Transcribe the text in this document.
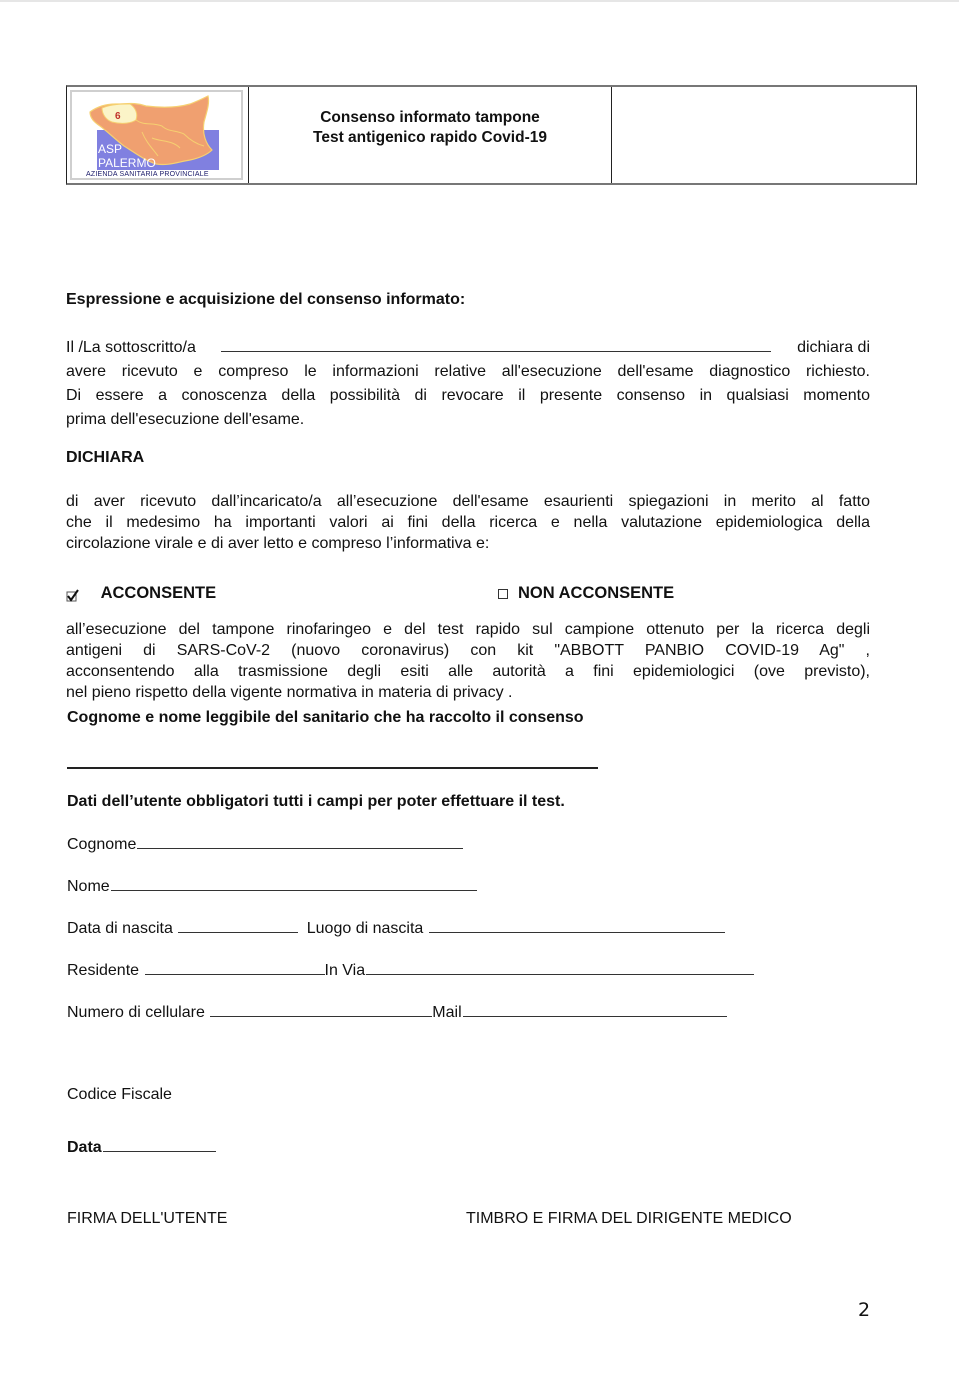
6
ASP
PALERMO
AZIENDA SANITARIA PROVINCIALE
Consenso informato tampone
Test antigenico rapido Covid-19
Espressione e acquisizione del consenso informato:
Il /La sottoscritto/a	dichiara di
avere ricevuto e compreso le informazioni relative all'esecuzione dell'esame diagnostico richiesto.
Di essere a conoscenza della possibilità di revocare il presente consenso in qualsiasi momento
prima dell'esecuzione dell'esame.
DICHIARA
di aver ricevuto dall’incaricato/a all’esecuzione dell'esame esaurienti spiegazioni in merito al fatto
che il medesimo ha importanti valori ai fini della ricerca e nella valutazione epidemiologica della
circolazione virale e di aver letto e compreso l’informativa e:
ACCONSENTE	NON ACCONSENTE
all’esecuzione del tampone rinofaringeo e del test rapido sul campione ottenuto per la ricerca degli
antigeni di SARS-CoV-2 (nuovo coronavirus) con kit "ABBOTT PANBIO COVID-19 Ag" ,
acconsentendo alla trasmissione degli esiti alle autorità a fini epidemiologici (ove previsto),
nel pieno rispetto della vigente normativa in materia di privacy .
Cognome e nome leggibile del sanitario che ha raccolto il consenso
Dati dell’utente obbligatori tutti i campi per poter effettuare il test.
Cognome
Nome
Data di nascita	Luogo di nascita
Residente	In Via
Numero di cellulare	Mail
Codice Fiscale
Data
FIRMA DELL'UTENTE	TIMBRO E FIRMA DEL DIRIGENTE MEDICO
2
